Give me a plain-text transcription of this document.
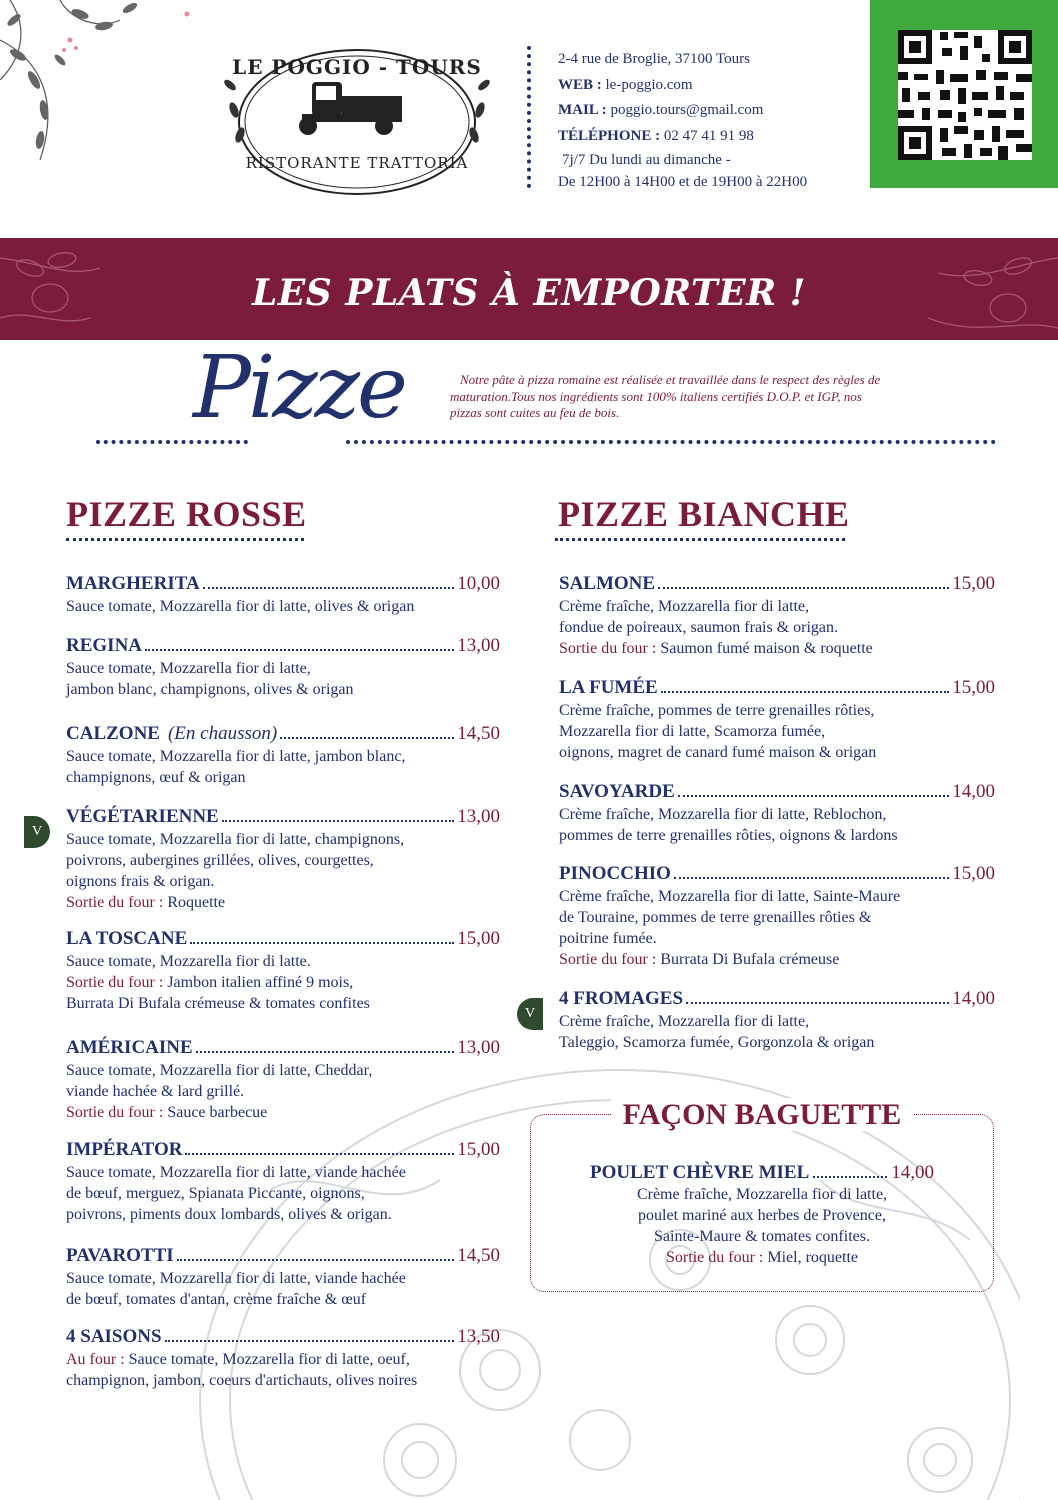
LE POGGIO - TOURS
RISTORANTE TRATTORIA
2-4 rue de Broglie, 37100 Tours
WEB : le-poggio.com
MAIL : poggio.tours@gmail.com
TÉLÉPHONE : 02 47 41 91 98
7j/7 Du lundi au dimanche -
De 12H00 à 14H00 et de 19H00 à 22H00
LES PLATS À EMPORTER !
Pizze	Notre pâte à pizza romaine est réalisée et travaillée dans le respect des règles de maturation.Tous nos ingrédients sont 100% italiens certifiés D.O.P. et IGP, nos pizzas sont cuites au feu de bois.
PIZZE ROSSE	PIZZE BIANCHE
MARGHERITA	10,00
Sauce tomate, Mozzarella fior di latte, olives & origan
REGINA	13,00
Sauce tomate, Mozzarella fior di latte,
jambon blanc, champignons, olives & origan
CALZONE (En chausson)	14,50
Sauce tomate, Mozzarella fior di latte, jambon blanc,
champignons, œuf & origan
VÉGÉTARIENNE	13,00
Sauce tomate, Mozzarella fior di latte, champignons,
poivrons, aubergines grillées, olives, courgettes,
oignons frais & origan.
Sortie du four : Roquette
V
LA TOSCANE	15,00
Sauce tomate, Mozzarella fior di latte.
Sortie du four : Jambon italien affiné 9 mois,
Burrata Di Bufala crémeuse & tomates confites
AMÉRICAINE	13,00
Sauce tomate, Mozzarella fior di latte, Cheddar,
viande hachée & lard grillé.
Sortie du four : Sauce barbecue
IMPÉRATOR	15,00
Sauce tomate, Mozzarella fior di latte, viande hachée
de bœuf, merguez, Spianata Piccante, oignons,
poivrons, piments doux lombards, olives & origan.
PAVAROTTI	14,50
Sauce tomate, Mozzarella fior di latte, viande hachée
de bœuf, tomates d'antan, crème fraîche & œuf
4 SAISONS	13,50
Au four : Sauce tomate, Mozzarella fior di latte, oeuf,
champignon, jambon, coeurs d'artichauts, olives noires
SALMONE	15,00
Crème fraîche, Mozzarella fior di latte,
fondue de poireaux, saumon frais & origan.
Sortie du four : Saumon fumé maison & roquette
LA FUMÉE	15,00
Crème fraîche, pommes de terre grenailles rôties,
Mozzarella fior di latte, Scamorza fumée,
oignons, magret de canard fumé maison & origan
SAVOYARDE	14,00
Crème fraîche, Mozzarella fior di latte, Reblochon,
pommes de terre grenailles rôties, oignons & lardons
PINOCCHIO	15,00
Crème fraîche, Mozzarella fior di latte, Sainte-Maure
de Touraine, pommes de terre grenailles rôties &
poitrine fumée.
Sortie du four : Burrata Di Bufala crémeuse
4 FROMAGES	14,00
Crème fraîche, Mozzarella fior di latte,
Taleggio, Scamorza fumée, Gorgonzola & origan
V
FAÇON BAGUETTE
POULET CHÈVRE MIEL	14,00
Crème fraîche, Mozzarella fior di latte,
poulet mariné aux herbes de Provence,
Sainte-Maure & tomates confites.
Sortie du four : Miel, roquette
